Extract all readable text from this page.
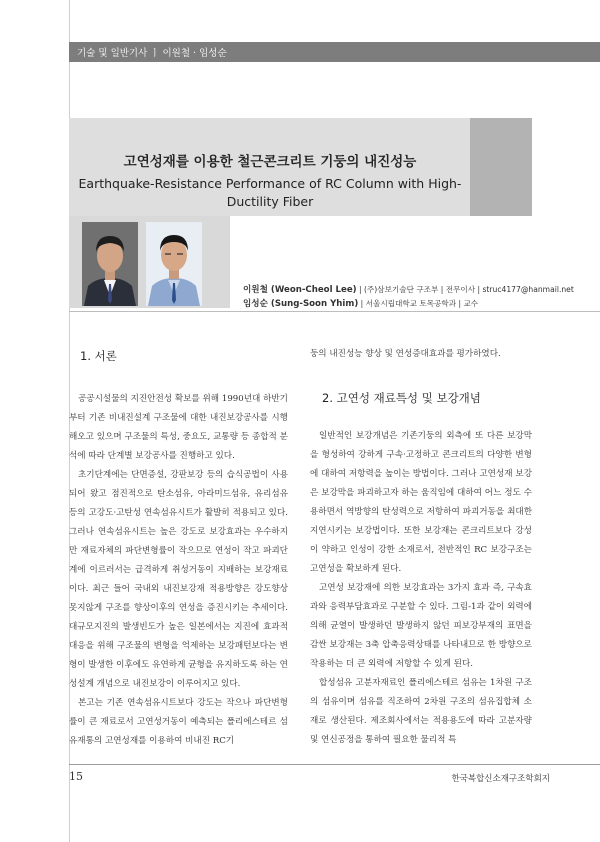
기술 및 일반기사 ㅣ 이원철 · 임성순
고연성재를 이용한 철근콘크리트 기둥의 내진성능
Earthquake-Resistance Performance of RC Column with High-Ductility Fiber
이원철 (Weon-Cheol Lee) | (주)삼보기술단 구조부 | 전무이사 | struc4177@hanmail.net
임성순 (Sung-Soon Yhim) | 서울시립대학교 토목공학과 | 교수
1. 서론

공공시설물의 지진안전성 확보를 위해 1990년대 하반기부터 기존 비내진설계 구조물에 대한 내진보강공사를 시행해오고 있으며 구조물의 특성, 중요도, 교통량 등 종합적 분석에 따라 단계별 보강공사를 진행하고 있다.

초기단계에는 단면증설, 강판보강 등의 습식공법이 사용되어 왔고 점진적으로 탄소섬유, 아라미드섬유, 유리섬유 등의 고강도·고탄성 연속섬유시트가 활발히 적용되고 있다. 그러나 연속섬유시트는 높은 강도로 보강효과는 우수하지만 재료자체의 파단변형률이 작으므로 연성이 작고 파괴단계에 이르러서는 급격하게 취성거동이 지배하는 보강재료이다. 최근 들어 국내외 내진보강재 적용방향은 강도향상 못지않게 구조를 향상이후의 연성을 증진시키는 추세이다. 대규모지진의 발생빈도가 높은 일본에서는 지진에 효과적 대응을 위해 구조물의 변형을 억제하는 보강패턴보다는 변형이 발생한 이후에도 유연하게 균형을 유지하도록 하는 연성설계 개념으로 내진보강이 이루어지고 있다.

본고는 기존 연속섬유시트보다 강도는 작으나 파단변형률이 큰 재료로서 고연성거동이 예측되는 폴리에스테르 섬유재통의 고연성재를 이용하여 비내진 RC기

둥의 내진성능 향상 및 연성증대효과를 평가하였다.

2. 고연성 재료특성 및 보강개념

일반적인 보강개념은 기존기둥의 외측에 또 다른 보강막을 형성하여 강하게 구속·고정하고 콘크리트의 다양한 변형에 대하여 저항력을 높이는 방법이다. 그러나 고연성재 보강은 보강막을 파괴하고자 하는 움직임에 대하여 어느 정도 수용하면서 역방향의 탄성력으로 저항하여 파괴거동을 최대한 지연시키는 보강법이다. 또한 보강재는 콘크리트보다 강성이 약하고 인성이 강한 소재로서, 전반적인 RC 보강구조는 고연성을 확보하게 된다.

고연성 보강재에 의한 보강효과는 3가지 효과 즉, 구속효과와 응력부담효과로 구분할 수 있다. 그림-1과 같이 외력에 의해 균열이 발생하던 발생하지 않던 피보강부재의 표면을 감싼 보강재는 3축 압축응력상태를 나타내므로 한 방향으로 작용하는 더 큰 외력에 저항할 수 있게 된다.

합성섬유 고분자재료인 폴리에스테르 섬유는 1차원 구조의 섬유이며 섬유를 직조하여 2차원 구조의 섬유집합체 소재로 생산된다. 제조회사에서는 적용용도에 따라 고분자량 및 연신공정을 통하여 필요한 물리적 특

15	한국복합신소재구조학회지
